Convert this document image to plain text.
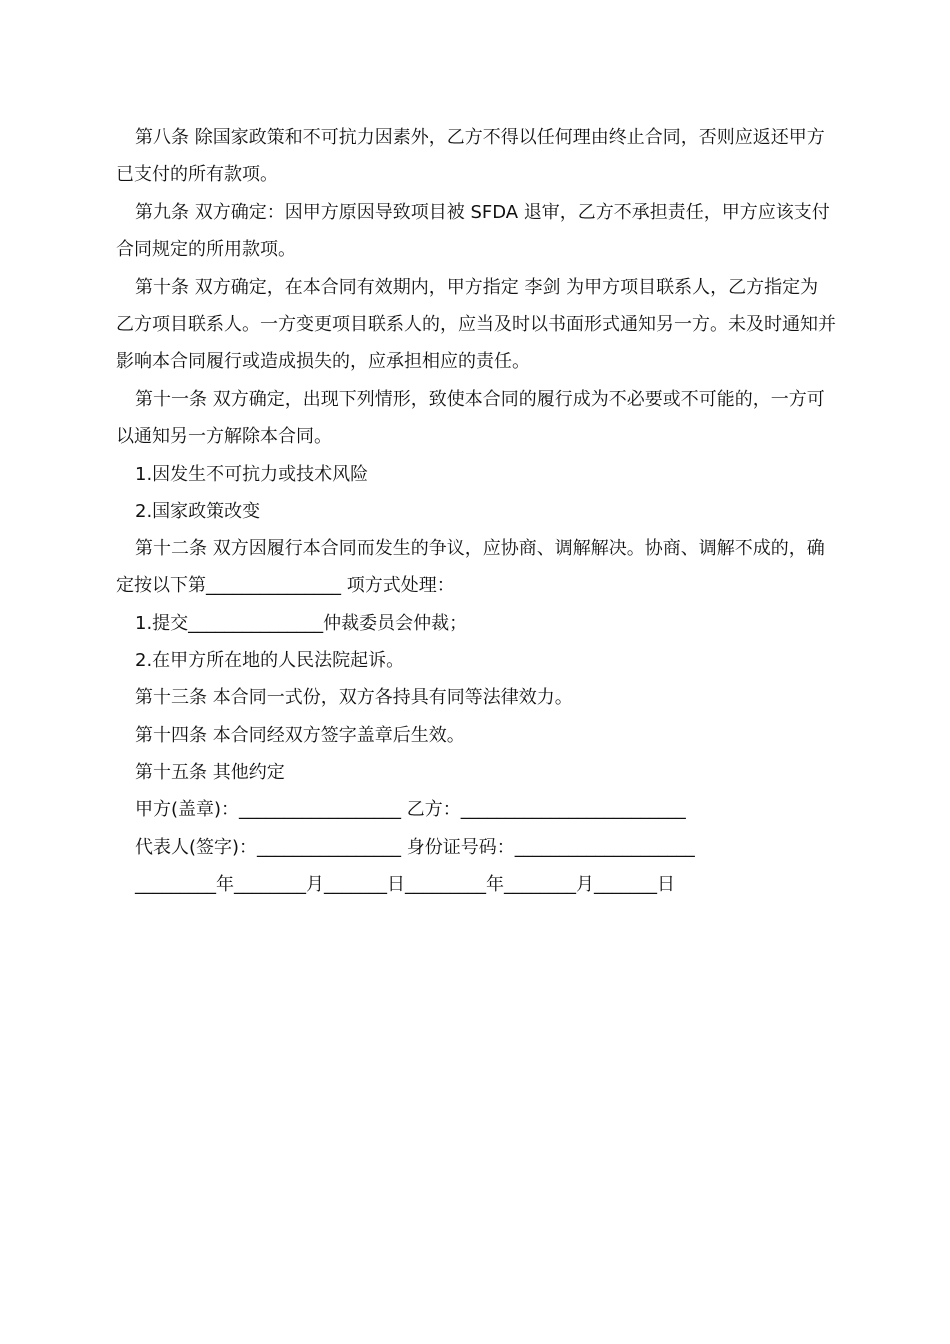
第八条 除国家政策和不可抗力因素外，乙方不得以任何理由终止合同，否则应返还甲方已支付的所有款项。
第九条 双方确定：因甲方原因导致项目被 SFDA 退审，乙方不承担责任，甲方应该支付合同规定的所用款项。
第十条 双方确定，在本合同有效期内，甲方指定 李剑 为甲方项目联系人，乙方指定为乙方项目联系人。一方变更项目联系人的，应当及时以书面形式通知另一方。未及时通知并影响本合同履行或造成损失的，应承担相应的责任。
第十一条 双方确定，出现下列情形，致使本合同的履行成为不必要或不可能的，一方可以通知另一方解除本合同。
1.因发生不可抗力或技术风险
2.国家政策改变
第十二条 双方因履行本合同而发生的争议，应协商、调解解决。协商、调解不成的，确定按以下第_______________ 项方式处理：
1.提交_______________仲裁委员会仲裁；
2.在甲方所在地的人民法院起诉。
第十三条 本合同一式份，双方各持具有同等法律效力。
第十四条 本合同经双方签字盖章后生效。
第十五条 其他约定
甲方(盖章)：__________________ 乙方：_________________________
代表人(签字)：________________ 身份证号码：____________________
_________年________月_______日_________年________月_______日
